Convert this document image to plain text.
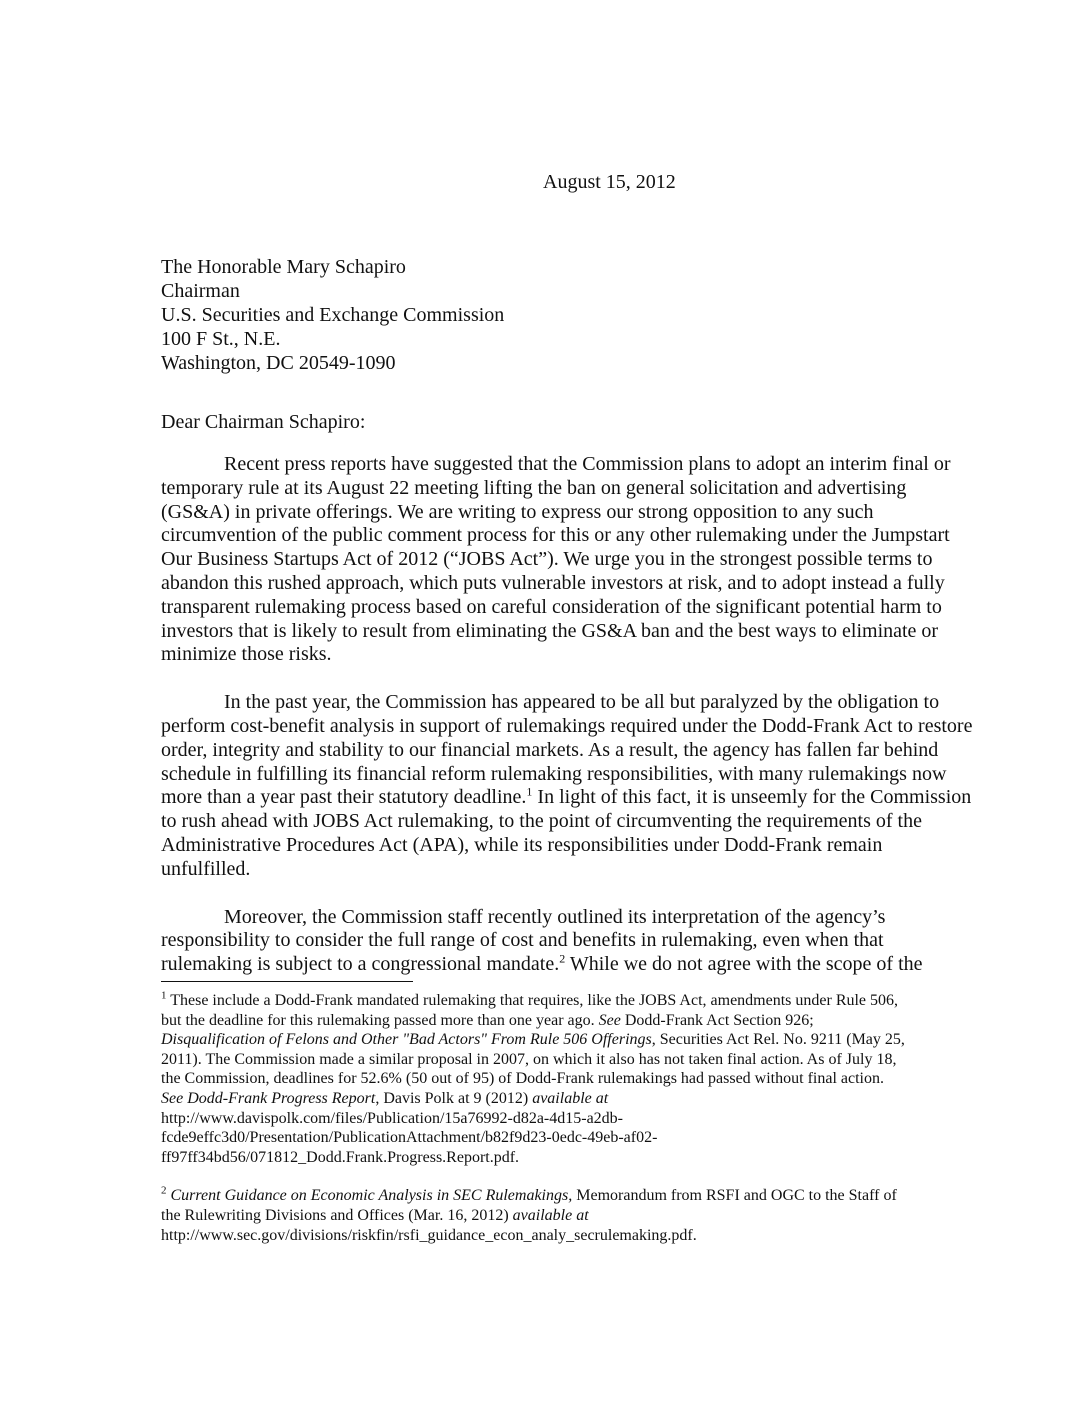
August 15, 2012
The Honorable Mary Schapiro
Chairman
U.S. Securities and Exchange Commission
100 F St., N.E.
Washington, DC 20549-1090
Dear Chairman Schapiro:
Recent press reports have suggested that the Commission plans to adopt an interim final or
temporary rule at its August 22 meeting lifting the ban on general solicitation and advertising
(GS&A) in private offerings. We are writing to express our strong opposition to any such
circumvention of the public comment process for this or any other rulemaking under the Jumpstart
Our Business Startups Act of 2012 (“JOBS Act”). We urge you in the strongest possible terms to
abandon this rushed approach, which puts vulnerable investors at risk, and to adopt instead a fully
transparent rulemaking process based on careful consideration of the significant potential harm to
investors that is likely to result from eliminating the GS&A ban and the best ways to eliminate or
minimize those risks.
In the past year, the Commission has appeared to be all but paralyzed by the obligation to
perform cost-benefit analysis in support of rulemakings required under the Dodd-Frank Act to restore
order, integrity and stability to our financial markets. As a result, the agency has fallen far behind
schedule in fulfilling its financial reform rulemaking responsibilities, with many rulemakings now
more than a year past their statutory deadline.$^1$ In light of this fact, it is unseemly for the Commission
to rush ahead with JOBS Act rulemaking, to the point of circumventing the requirements of the
Administrative Procedures Act (APA), while its responsibilities under Dodd-Frank remain
unfulfilled.
Moreover, the Commission staff recently outlined its interpretation of the agency’s
responsibility to consider the full range of cost and benefits in rulemaking, even when that
rulemaking is subject to a congressional mandate.$^2$ While we do not agree with the scope of the
$^1$ These include a Dodd-Frank mandated rulemaking that requires, like the JOBS Act, amendments under Rule 506,
but the deadline for this rulemaking passed more than one year ago. See Dodd-Frank Act Section 926;
Disqualification of Felons and Other "Bad Actors" From Rule 506 Offerings, Securities Act Rel. No. 9211 (May 25,
2011). The Commission made a similar proposal in 2007, on which it also has not taken final action. As of July 18,
the Commission, deadlines for 52.6% (50 out of 95) of Dodd-Frank rulemakings had passed without final action.
See Dodd-Frank Progress Report, Davis Polk at 9 (2012) available at
http://www.davispolk.com/files/Publication/15a76992-d82a-4d15-a2db-
fcde9effc3d0/Presentation/PublicationAttachment/b82f9d23-0edc-49eb-af02-
ff97ff34bd56/071812_Dodd.Frank.Progress.Report.pdf.
$^2$ Current Guidance on Economic Analysis in SEC Rulemakings, Memorandum from RSFI and OGC to the Staff of
the Rulewriting Divisions and Offices (Mar. 16, 2012) available at
http://www.sec.gov/divisions/riskfin/rsfi_guidance_econ_analy_secrulemaking.pdf.
